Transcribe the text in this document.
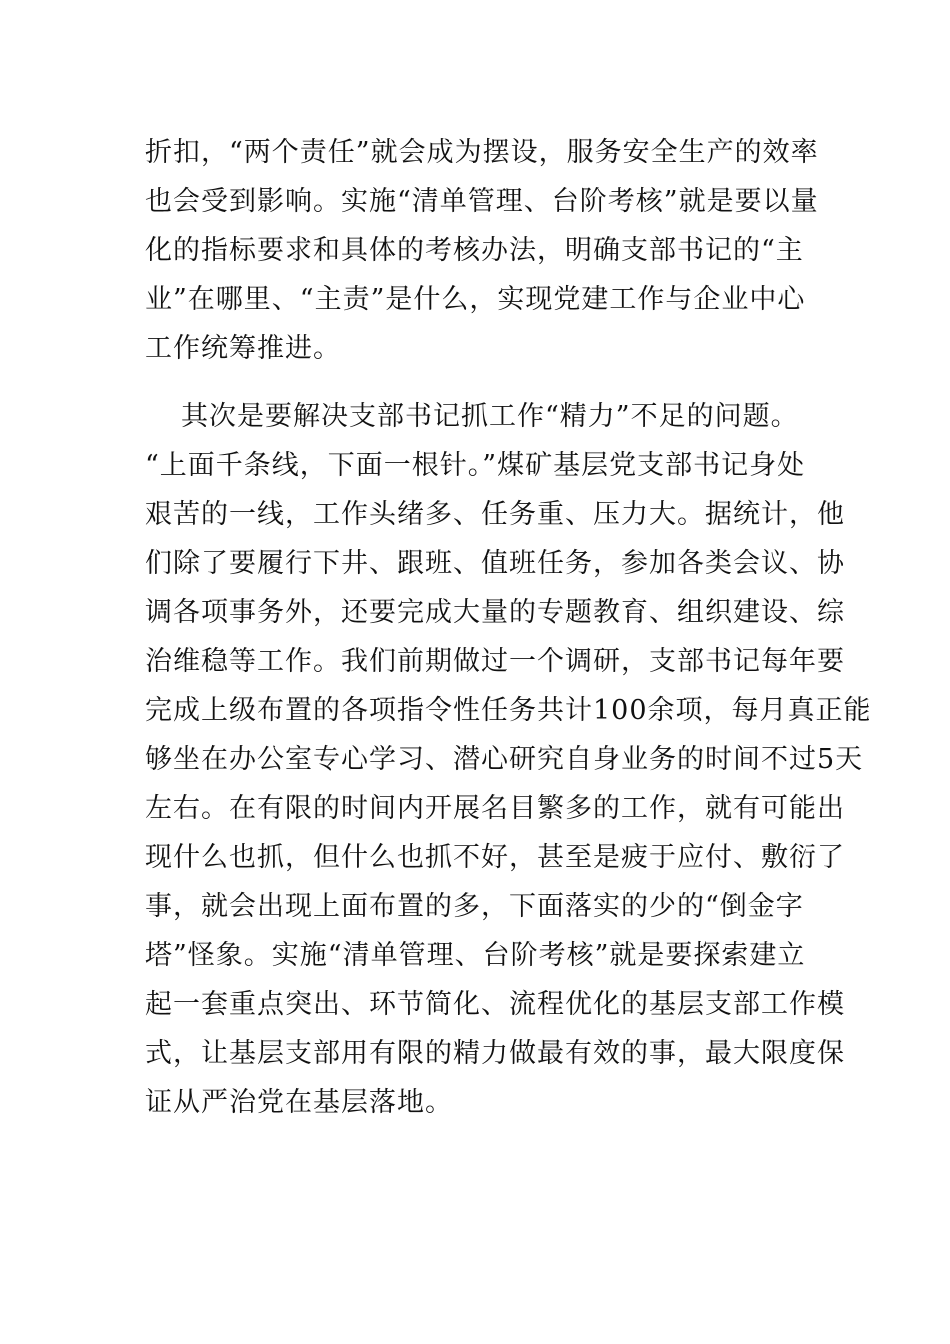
折扣，“两个责任”就会成为摆设，服务安全生产的效率
也会受到影响。实施“清单管理、台阶考核”就是要以量
化的指标要求和具体的考核办法，明确支部书记的“主
业”在哪里、“主责”是什么，实现党建工作与企业中心
工作统筹推进。
其次是要解决支部书记抓工作“精力”不足的问题。
“上面千条线，下面一根针。”煤矿基层党支部书记身处
艰苦的一线，工作头绪多、任务重、压力大。据统计，他
们除了要履行下井、跟班、值班任务，参加各类会议、协
调各项事务外，还要完成大量的专题教育、组织建设、综
治维稳等工作。我们前期做过一个调研，支部书记每年要
完成上级布置的各项指令性任务共计100余项，每月真正能
够坐在办公室专心学习、潜心研究自身业务的时间不过5天
左右。在有限的时间内开展名目繁多的工作，就有可能出
现什么也抓，但什么也抓不好，甚至是疲于应付、敷衍了
事，就会出现上面布置的多，下面落实的少的“倒金字
塔”怪象。实施“清单管理、台阶考核”就是要探索建立
起一套重点突出、环节简化、流程优化的基层支部工作模
式，让基层支部用有限的精力做最有效的事，最大限度保
证从严治党在基层落地。
